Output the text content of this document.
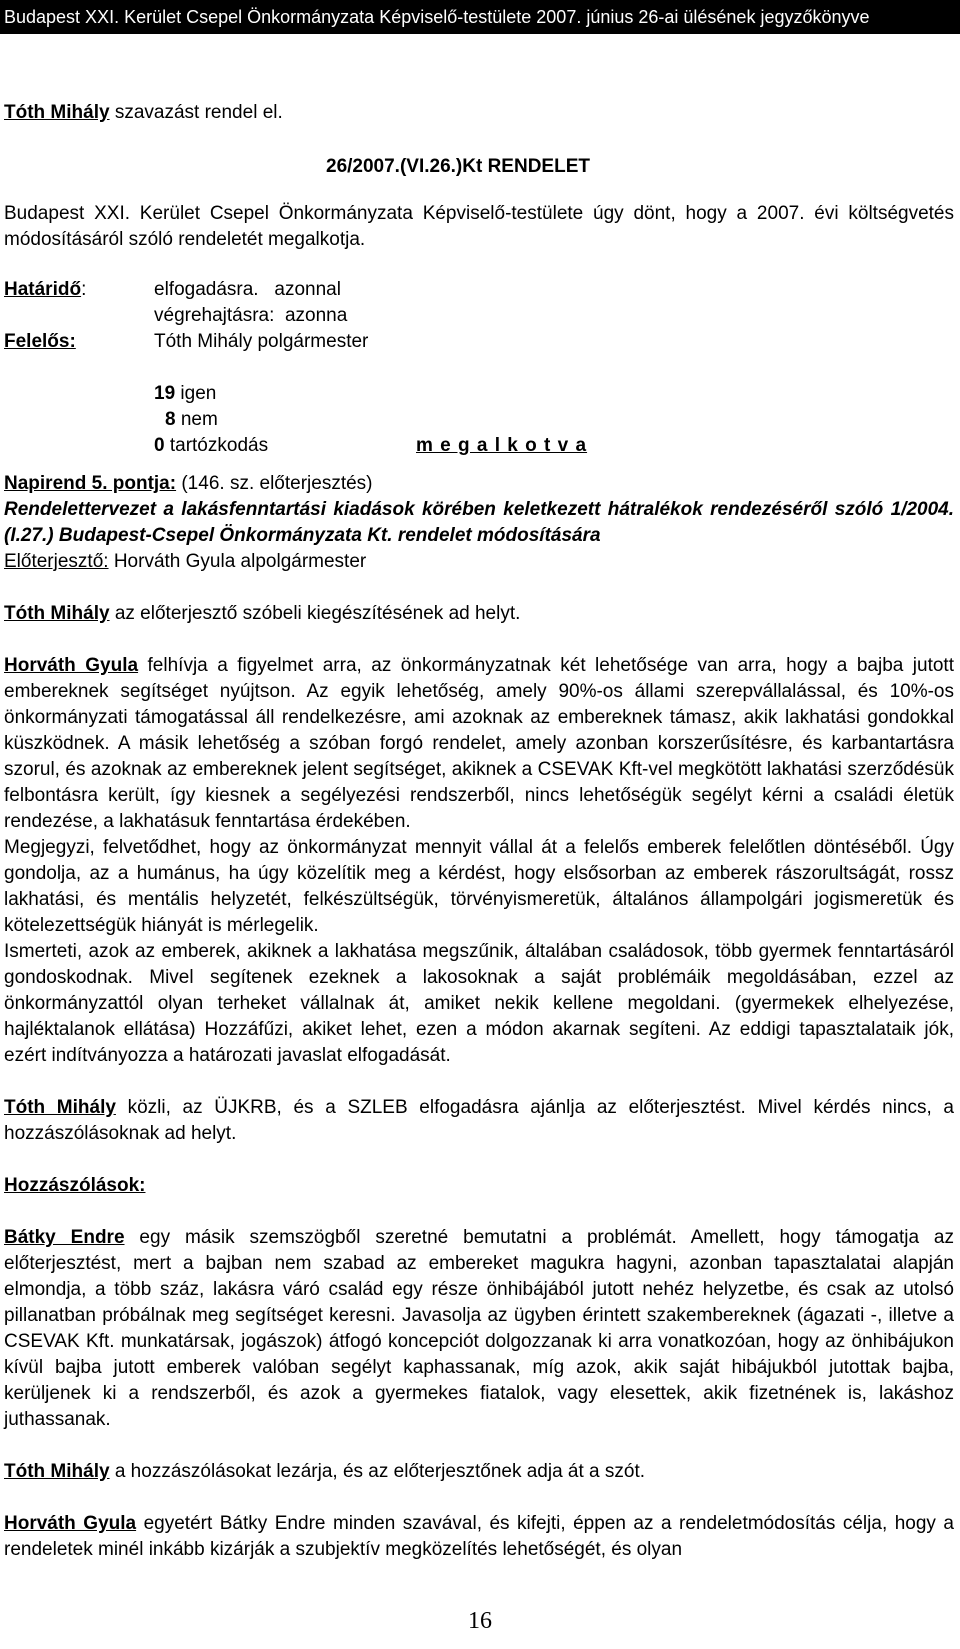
Budapest XXI. Kerület Csepel Önkormányzata Képviselő-testülete 2007. június 26-ai ülésének jegyzőkönyve

Tóth Mihály szavazást rendel el.

26/2007.(VI.26.)Kt RENDELET

Budapest XXI. Kerület Csepel Önkormányzata Képviselő-testülete úgy dönt, hogy a 2007. évi költségvetés módosításáról szóló rendeletét megalkotja.

Határidő:	elfogadásra.   azonnal
végrehajtásra:  azonna
Felelős:	Tóth Mihály polgármester
19 igen
8 nem
0 tartózkodás	m e g a l k o t v a

Napirend 5. pontja: (146. sz. előterjesztés)

Rendelettervezet a lakásfenntartási kiadások körében keletkezett hátralékok rendezéséről szóló 1/2004.(I.27.) Budapest-Csepel Önkormányzata Kt. rendelet módosítására

Előterjesztő: Horváth Gyula alpolgármester

Tóth Mihály az előterjesztő szóbeli kiegészítésének ad helyt.

Horváth Gyula felhívja a figyelmet arra, az önkormányzatnak két lehetősége van arra, hogy a bajba jutott embereknek segítséget nyújtson. Az egyik lehetőség, amely 90%-os állami szerepvállalással, és 10%-os önkormányzati támogatással áll rendelkezésre, ami azoknak az embereknek támasz, akik lakhatási gondokkal küszködnek. A másik lehetőség a szóban forgó rendelet, amely azonban korszerűsítésre, és karbantartásra szorul, és azoknak az embereknek jelent segítséget, akiknek a CSEVAK Kft-vel megkötött lakhatási szerződésük felbontásra került, így kiesnek a segélyezési rendszerből, nincs lehetőségük segélyt kérni a családi életük rendezése, a lakhatásuk fenntartása érdekében.

Megjegyzi, felvetődhet, hogy az önkormányzat mennyit vállal át a felelős emberek felelőtlen döntéséből. Úgy gondolja, az a humánus, ha úgy közelítik meg a kérdést, hogy elsősorban az emberek rászorultságát, rossz lakhatási, és mentális helyzetét, felkészültségük, törvényismeretük, általános állampolgári jogismeretük és kötelezettségük hiányát is mérlegelik.

Ismerteti, azok az emberek, akiknek a lakhatása megszűnik, általában családosok, több gyermek fenntartásáról gondoskodnak. Mivel segítenek ezeknek a lakosoknak a saját problémáik megoldásában, ezzel az önkormányzattól olyan terheket vállalnak át, amiket nekik kellene megoldani. (gyermekek elhelyezése, hajléktalanok ellátása) Hozzáfűzi, akiket lehet, ezen a módon akarnak segíteni. Az eddigi tapasztalataik jók, ezért indítványozza a határozati javaslat elfogadását.

Tóth Mihály közli, az ÜJKRB, és a SZLEB elfogadásra ajánlja az előterjesztést. Mivel kérdés nincs, a hozzászólásoknak ad helyt.

Hozzászólások:

Bátky Endre egy másik szemszögből szeretné bemutatni a problémát. Amellett, hogy támogatja az előterjesztést, mert a bajban nem szabad az embereket magukra hagyni, azonban tapasztalatai alapján elmondja, a több száz, lakásra váró család egy része önhibájából jutott nehéz helyzetbe, és csak az utolsó pillanatban próbálnak meg segítséget keresni. Javasolja az ügyben érintett szakembereknek (ágazati -, illetve a CSEVAK Kft. munkatársak, jogászok) átfogó koncepciót dolgozzanak ki arra vonatkozóan, hogy az önhibájukon kívül bajba jutott emberek valóban segélyt kaphassanak, míg azok, akik saját hibájukból jutottak bajba, kerüljenek ki a rendszerből, és azok a gyermekes fiatalok, vagy elesettek, akik fizetnének is, lakáshoz juthassanak.

Tóth Mihály a hozzászólásokat lezárja, és az előterjesztőnek adja át a szót.

Horváth Gyula egyetért Bátky Endre minden szavával, és kifejti, éppen az a rendeletmódosítás célja, hogy a rendeletek minél inkább kizárják a szubjektív megközelítés lehetőségét, és olyan

16
